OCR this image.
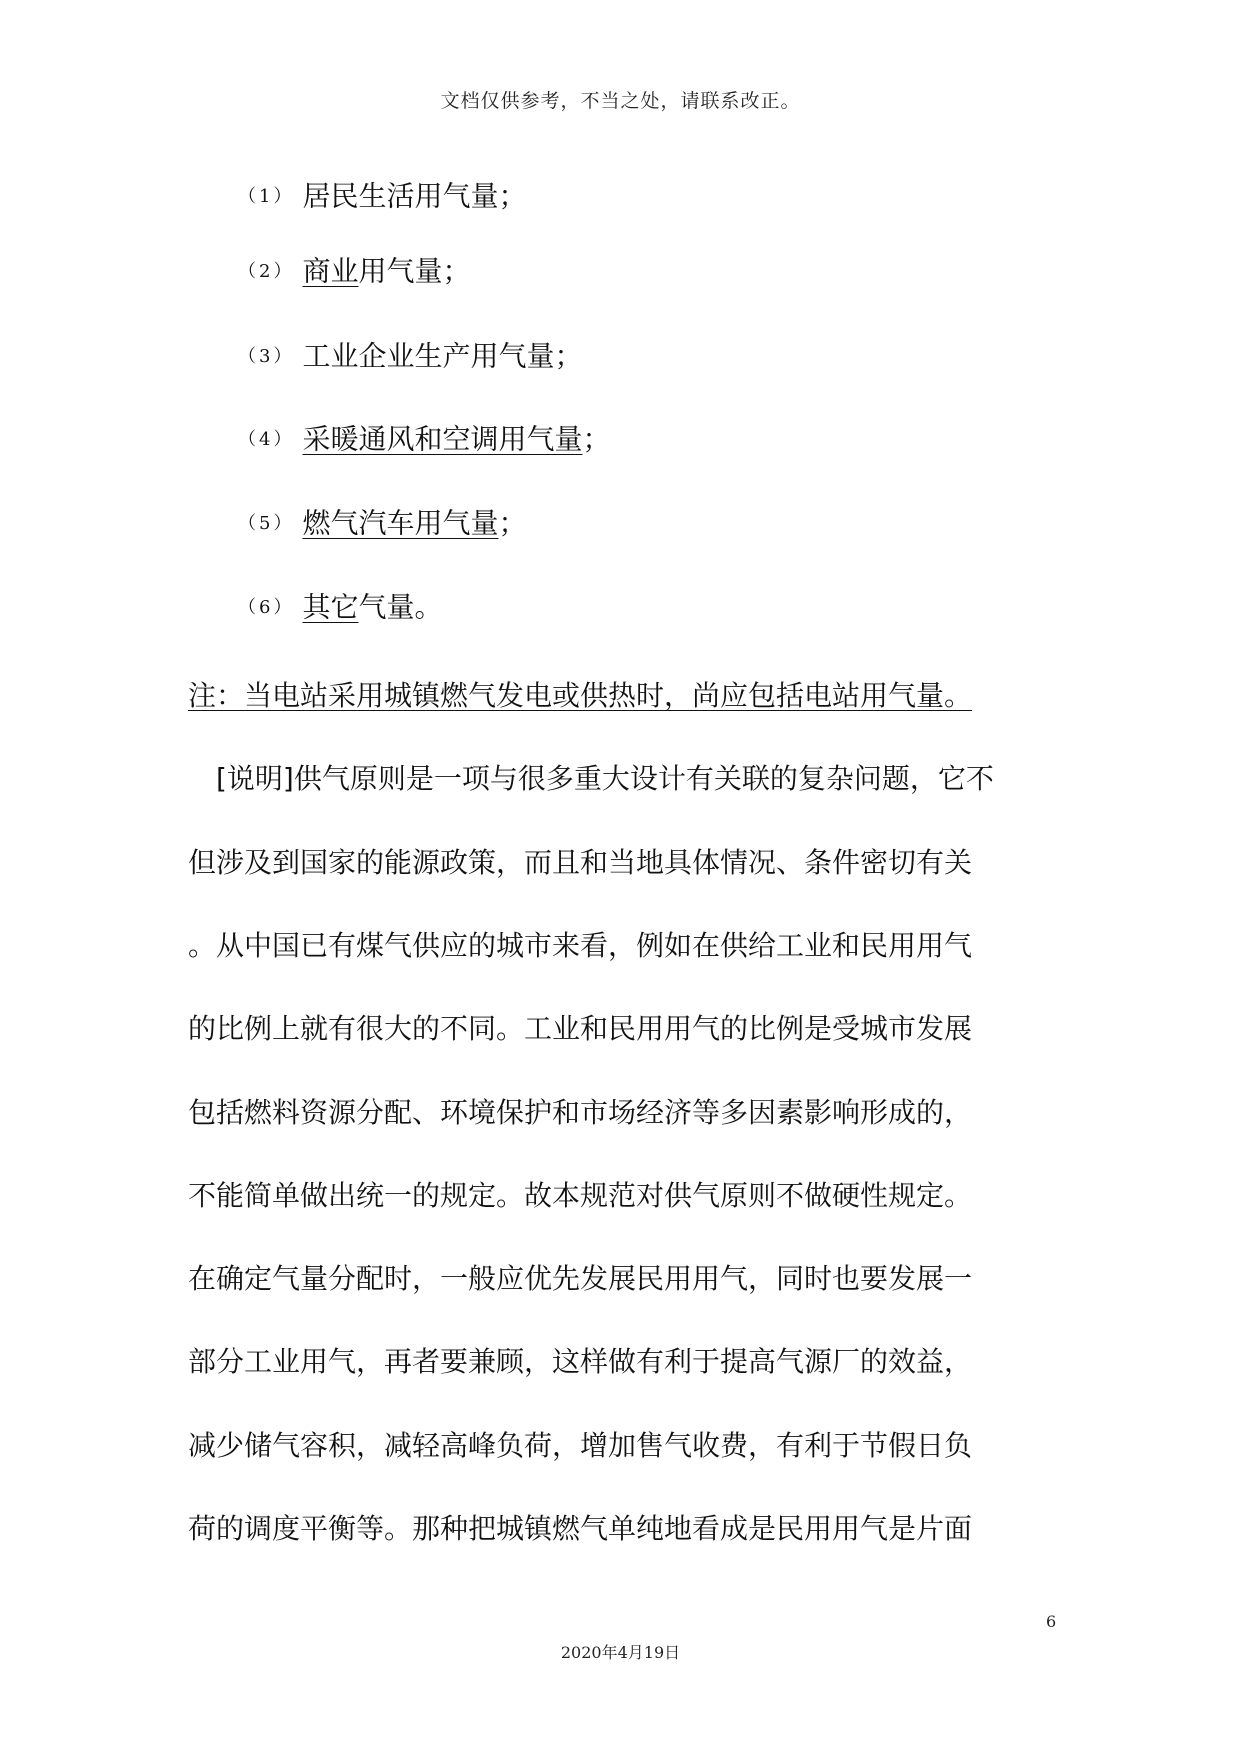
文档仅供参考，不当之处，请联系改正。
（1） 居民生活用气量；
（2） 商业用气量；
（3） 工业企业生产用气量；
（4） 采暖通风和空调用气量；
（5） 燃气汽车用气量；
（6） 其它气量。
注：当电站采用城镇燃气发电或供热时，尚应包括电站用气量。
　[说明]供气原则是一项与很多重大设计有关联的复杂问题，它不
但涉及到国家的能源政策，而且和当地具体情况、条件密切有关
。从中国已有煤气供应的城市来看，例如在供给工业和民用用气
的比例上就有很大的不同。工业和民用用气的比例是受城市发展
包括燃料资源分配、环境保护和市场经济等多因素影响形成的，
不能简单做出统一的规定。故本规范对供气原则不做硬性规定。
在确定气量分配时，一般应优先发展民用用气，同时也要发展一
部分工业用气，再者要兼顾，这样做有利于提高气源厂的效益，
减少储气容积，减轻高峰负荷，增加售气收费，有利于节假日负
荷的调度平衡等。那种把城镇燃气单纯地看成是民用用气是片面
6
2020年4月19日
